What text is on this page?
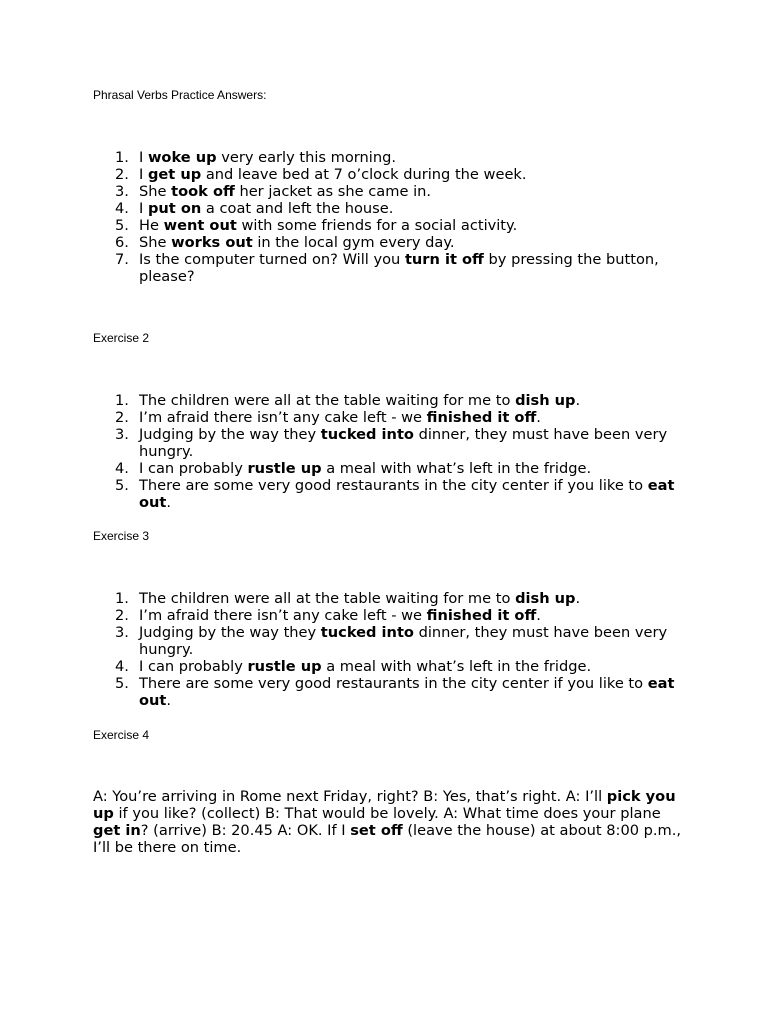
Phrasal Verbs Practice Answers:
1. I woke up very early this morning.
2. I get up and leave bed at 7 o’clock during the week.
3. She took off her jacket as she came in.
4. I put on a coat and left the house.
5. He went out with some friends for a social activity.
6. She works out in the local gym every day.
7. Is the computer turned on? Will you turn it off by pressing the button, please?
Exercise 2
1. The children were all at the table waiting for me to dish up.
2. I’m afraid there isn’t any cake left - we finished it off.
3. Judging by the way they tucked into dinner, they must have been very hungry.
4. I can probably rustle up a meal with what’s left in the fridge.
5. There are some very good restaurants in the city center if you like to eat out.
Exercise 3
1. The children were all at the table waiting for me to dish up.
2. I’m afraid there isn’t any cake left - we finished it off.
3. Judging by the way they tucked into dinner, they must have been very hungry.
4. I can probably rustle up a meal with what’s left in the fridge.
5. There are some very good restaurants in the city center if you like to eat out.
Exercise 4

A: You’re arriving in Rome next Friday, right? B: Yes, that’s right. A: I’ll pick you up if you like? (collect) B: That would be lovely. A: What time does your plane get in? (arrive) B: 20.45 A: OK. If I set off (leave the house) at about 8:00 p.m., I’ll be there on time.
